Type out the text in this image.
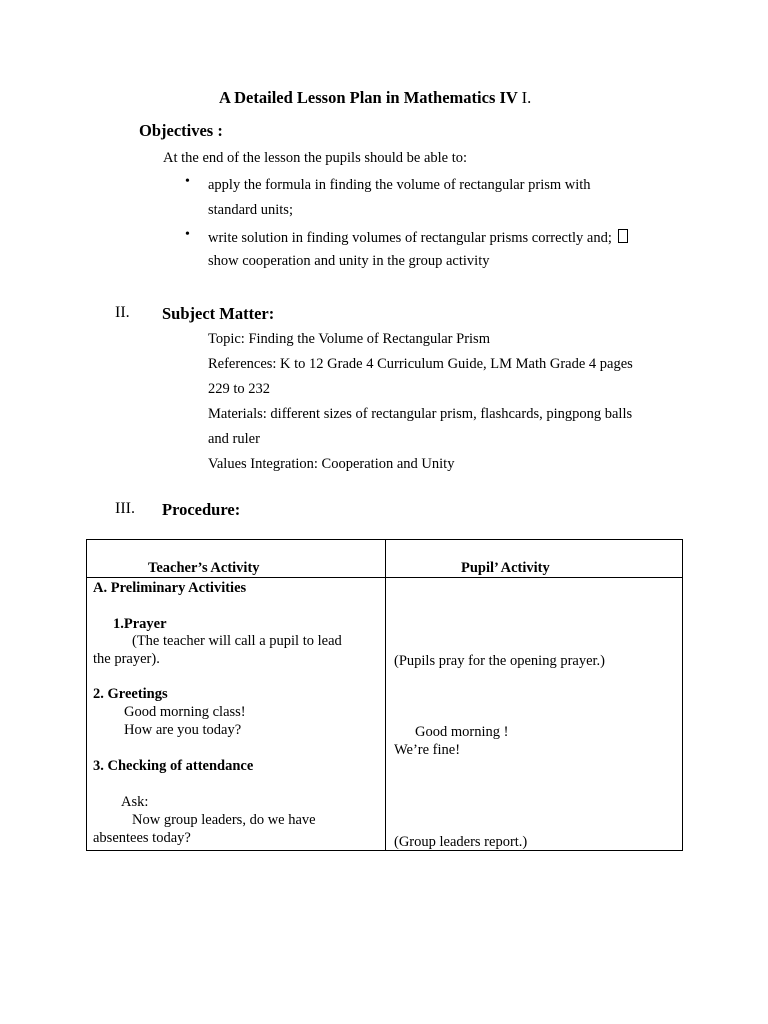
A Detailed Lesson Plan in Mathematics IV I.
Objectives :
At the end of the lesson the pupils should be able to:
• apply the formula in finding the volume of rectangular prism with
standard units;
• write solution in finding volumes of rectangular prisms correctly and;
show cooperation and unity in the group activity
II. Subject Matter:
Topic: Finding the Volume of Rectangular Prism
References: K to 12 Grade 4 Curriculum Guide, LM Math Grade 4 pages
229 to 232
Materials: different sizes of rectangular prism, flashcards, pingpong balls
and ruler
Values Integration: Cooperation and Unity
III. Procedure:
Teacher’s Activity	Pupil’ Activity
A. Preliminary Activities
1.Prayer
(The teacher will call a pupil to lead
the prayer).
2. Greetings
Good morning class!
How are you today?
3. Checking of attendance
Ask:
Now group leaders, do we have
absentees today?
(Pupils pray for the opening prayer.)
Good morning !
We’re fine!
(Group leaders report.)
